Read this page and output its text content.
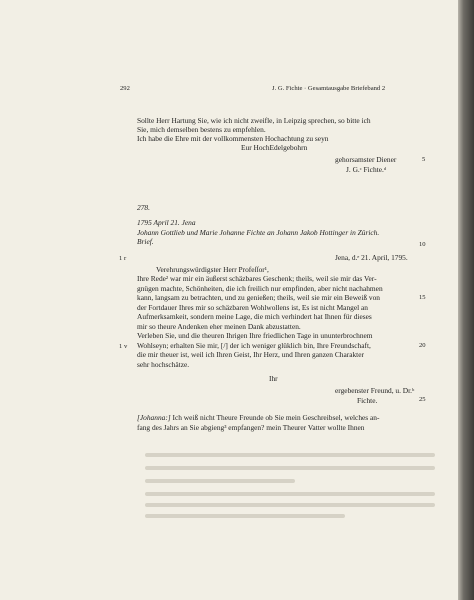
292	J. G. Fichte · Gesamtausgabe Briefeband 2
Sollte Herr Hartung Sie, wie ich nicht zweifle, in Leipzig sprechen, so bitte ich
Sie, mich demselben bestens zu empfehlen.
Ich habe die Ehre mit der vollkommensten Hochachtung zu seyn
Eur HochEdelgebohrn
gehorsamster Diener
J. G.ᶜ Fichte.ᵈ
278.
1795 April 21. Jena
Johann Gottlieb und Marie Johanne Fichte an Johann Jakob Hottinger in Zürich.
Brief.
Jena, d.ᵉ 21. April, 1795.
Verehrungswürdigster Herr Profeſſor¹,
Ihre Rede² war mir ein äußerst schäzbares Geschenk; theils, weil sie mir das Ver-
gnügen machte, Schönheiten, die ich freilich nur empfinden, aber nicht nachahmen
kann, langsam zu betrachten, und zu genießen; theils, weil sie mir ein Beweiß von
der Fortdauer Ihres mir so schäzbaren Wohlwollens ist, Es ist nicht Mangel an
Aufmerksamkeit, sondern meine Lage, die mich verhindert hat Ihnen für dieses
mir so theure Andenken eher meinen Dank abzustatten.
Verleben Sie, und die theuren Ihrigen Ihre friedlichen Tage in ununterbrochnem
Wohlseyn; erhalten Sie mir, [/] der ich weniger glüklich bin, Ihre Freundschaft,
die mir theuer ist, weil ich Ihren Geist, Ihr Herz, und Ihren ganzen Charakter
sehr hochschätze.
Ihr
ergebenster Freund, u. Dr.ᵇ
Fichte.
[Johanna:] Ich weiß nicht Theure Freunde ob Sie mein Geschreibsel, welches an-
fang des Jahrs an Sie abgieng³ empfangen? mein Theurer Vatter wollte Ihnen
1 r
1 v
5
10
15
20
25
